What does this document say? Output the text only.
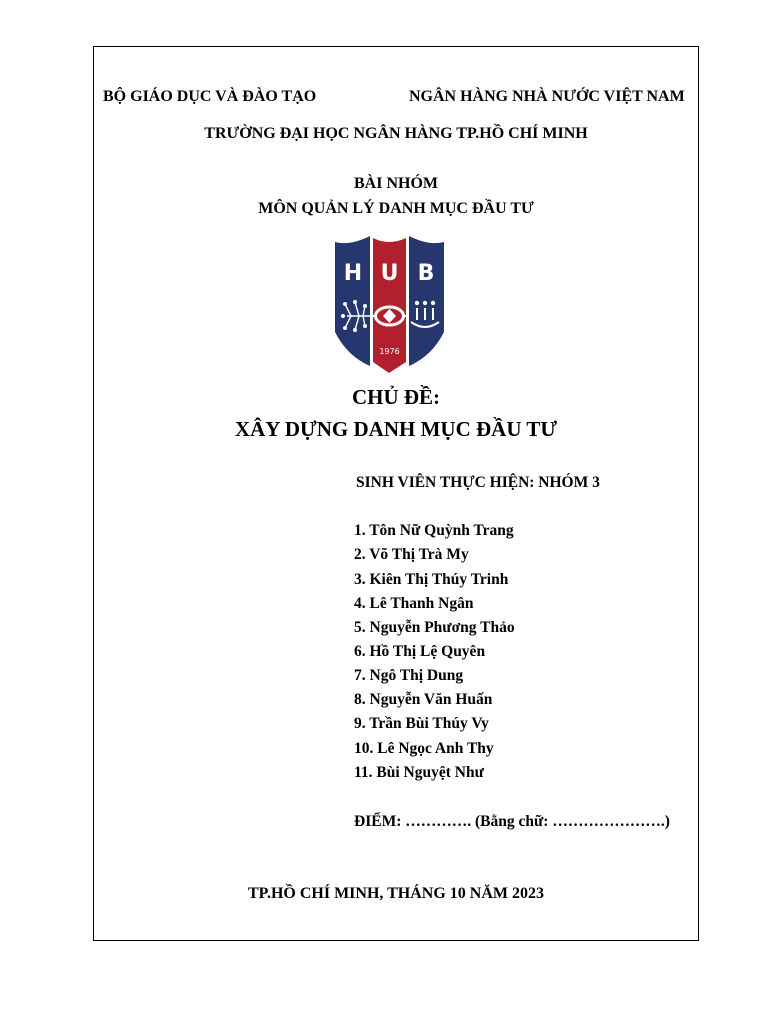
BỘ GIÁO DỤC VÀ ĐÀO TẠO	NGÂN HÀNG NHÀ NƯỚC VIỆT NAM
TRƯỜNG ĐẠI HỌC NGÂN HÀNG TP.HỒ CHÍ MINH
BÀI NHÓM
MÔN QUẢN LÝ DANH MỤC ĐẦU TƯ
H U B
1976
CHỦ ĐỀ:
XÂY DỰNG DANH MỤC ĐẦU TƯ
SINH VIÊN THỰC HIỆN: NHÓM 3
1. Tôn Nữ Quỳnh Trang
2. Võ Thị Trà My
3. Kiên Thị Thúy Trinh
4. Lê Thanh Ngân
5. Nguyễn Phương Thảo
6. Hồ Thị Lệ Quyên
7. Ngô Thị Dung
8. Nguyễn Văn Huấn
9. Trần Bùi Thúy Vy
10. Lê Ngọc Anh Thy
11. Bùi Nguyệt Như
ĐIỂM: …………. (Bằng chữ: ………………….)
TP.HỒ CHÍ MINH, THÁNG 10 NĂM 2023
